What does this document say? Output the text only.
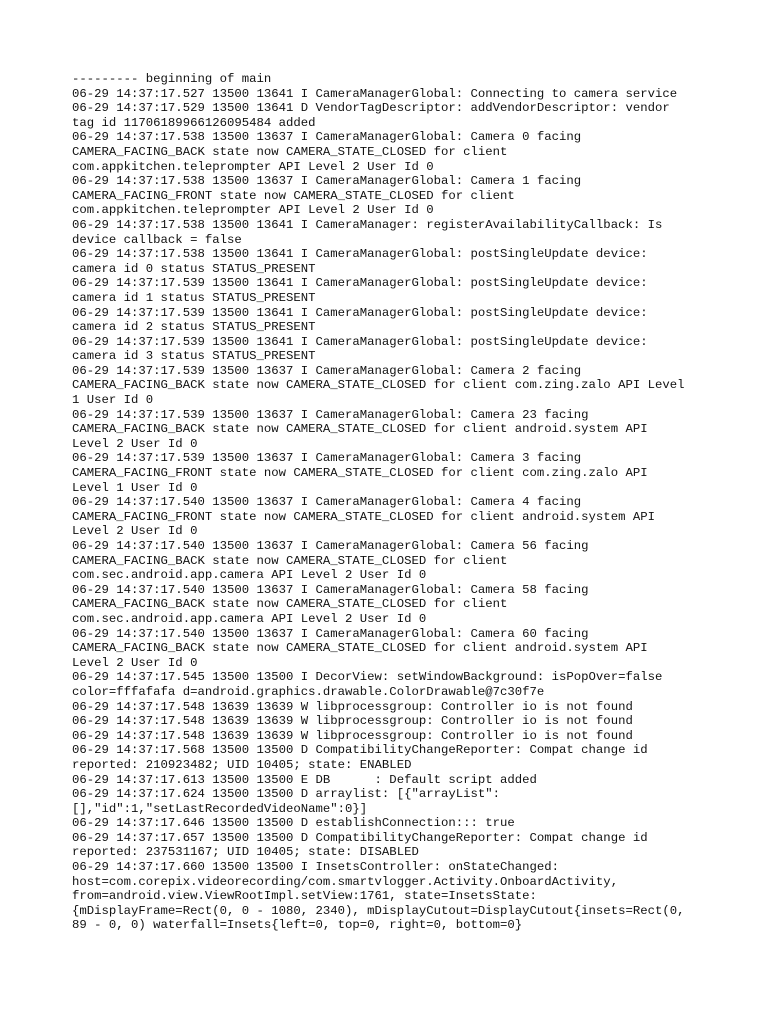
--------- beginning of main

06-29 14:37:17.527 13500 13641 I CameraManagerGlobal: Connecting to camera service

06-29 14:37:17.529 13500 13641 D VendorTagDescriptor: addVendorDescriptor: vendor
tag id 11706189966126095484 added

06-29 14:37:17.538 13500 13637 I CameraManagerGlobal: Camera 0 facing
CAMERA_FACING_BACK state now CAMERA_STATE_CLOSED for client
com.appkitchen.teleprompter API Level 2 User Id 0

06-29 14:37:17.538 13500 13637 I CameraManagerGlobal: Camera 1 facing
CAMERA_FACING_FRONT state now CAMERA_STATE_CLOSED for client
com.appkitchen.teleprompter API Level 2 User Id 0

06-29 14:37:17.538 13500 13641 I CameraManager: registerAvailabilityCallback: Is
device callback = false

06-29 14:37:17.538 13500 13641 I CameraManagerGlobal: postSingleUpdate device:
camera id 0 status STATUS_PRESENT

06-29 14:37:17.539 13500 13641 I CameraManagerGlobal: postSingleUpdate device:
camera id 1 status STATUS_PRESENT

06-29 14:37:17.539 13500 13641 I CameraManagerGlobal: postSingleUpdate device:
camera id 2 status STATUS_PRESENT

06-29 14:37:17.539 13500 13641 I CameraManagerGlobal: postSingleUpdate device:
camera id 3 status STATUS_PRESENT

06-29 14:37:17.539 13500 13637 I CameraManagerGlobal: Camera 2 facing
CAMERA_FACING_BACK state now CAMERA_STATE_CLOSED for client com.zing.zalo API Level
1 User Id 0

06-29 14:37:17.539 13500 13637 I CameraManagerGlobal: Camera 23 facing
CAMERA_FACING_BACK state now CAMERA_STATE_CLOSED for client android.system API
Level 2 User Id 0

06-29 14:37:17.539 13500 13637 I CameraManagerGlobal: Camera 3 facing
CAMERA_FACING_FRONT state now CAMERA_STATE_CLOSED for client com.zing.zalo API
Level 1 User Id 0

06-29 14:37:17.540 13500 13637 I CameraManagerGlobal: Camera 4 facing
CAMERA_FACING_FRONT state now CAMERA_STATE_CLOSED for client android.system API
Level 2 User Id 0

06-29 14:37:17.540 13500 13637 I CameraManagerGlobal: Camera 56 facing
CAMERA_FACING_BACK state now CAMERA_STATE_CLOSED for client
com.sec.android.app.camera API Level 2 User Id 0

06-29 14:37:17.540 13500 13637 I CameraManagerGlobal: Camera 58 facing
CAMERA_FACING_BACK state now CAMERA_STATE_CLOSED for client
com.sec.android.app.camera API Level 2 User Id 0

06-29 14:37:17.540 13500 13637 I CameraManagerGlobal: Camera 60 facing
CAMERA_FACING_BACK state now CAMERA_STATE_CLOSED for client android.system API
Level 2 User Id 0

06-29 14:37:17.545 13500 13500 I DecorView: setWindowBackground: isPopOver=false
color=fffafafa d=android.graphics.drawable.ColorDrawable@7c30f7e

06-29 14:37:17.548 13639 13639 W libprocessgroup: Controller io is not found

06-29 14:37:17.548 13639 13639 W libprocessgroup: Controller io is not found

06-29 14:37:17.548 13639 13639 W libprocessgroup: Controller io is not found

06-29 14:37:17.568 13500 13500 D CompatibilityChangeReporter: Compat change id
reported: 210923482; UID 10405; state: ENABLED

06-29 14:37:17.613 13500 13500 E DB      : Default script added

06-29 14:37:17.624 13500 13500 D arraylist: [{"arrayList":
[],"id":1,"setLastRecordedVideoName":0}]

06-29 14:37:17.646 13500 13500 D establishConnection::: true

06-29 14:37:17.657 13500 13500 D CompatibilityChangeReporter: Compat change id
reported: 237531167; UID 10405; state: DISABLED

06-29 14:37:17.660 13500 13500 I InsetsController: onStateChanged:
host=com.corepix.videorecording/com.smartvlogger.Activity.OnboardActivity,
from=android.view.ViewRootImpl.setView:1761, state=InsetsState:
{mDisplayFrame=Rect(0, 0 - 1080, 2340), mDisplayCutout=DisplayCutout{insets=Rect(0,
89 - 0, 0) waterfall=Insets{left=0, top=0, right=0, bottom=0}
